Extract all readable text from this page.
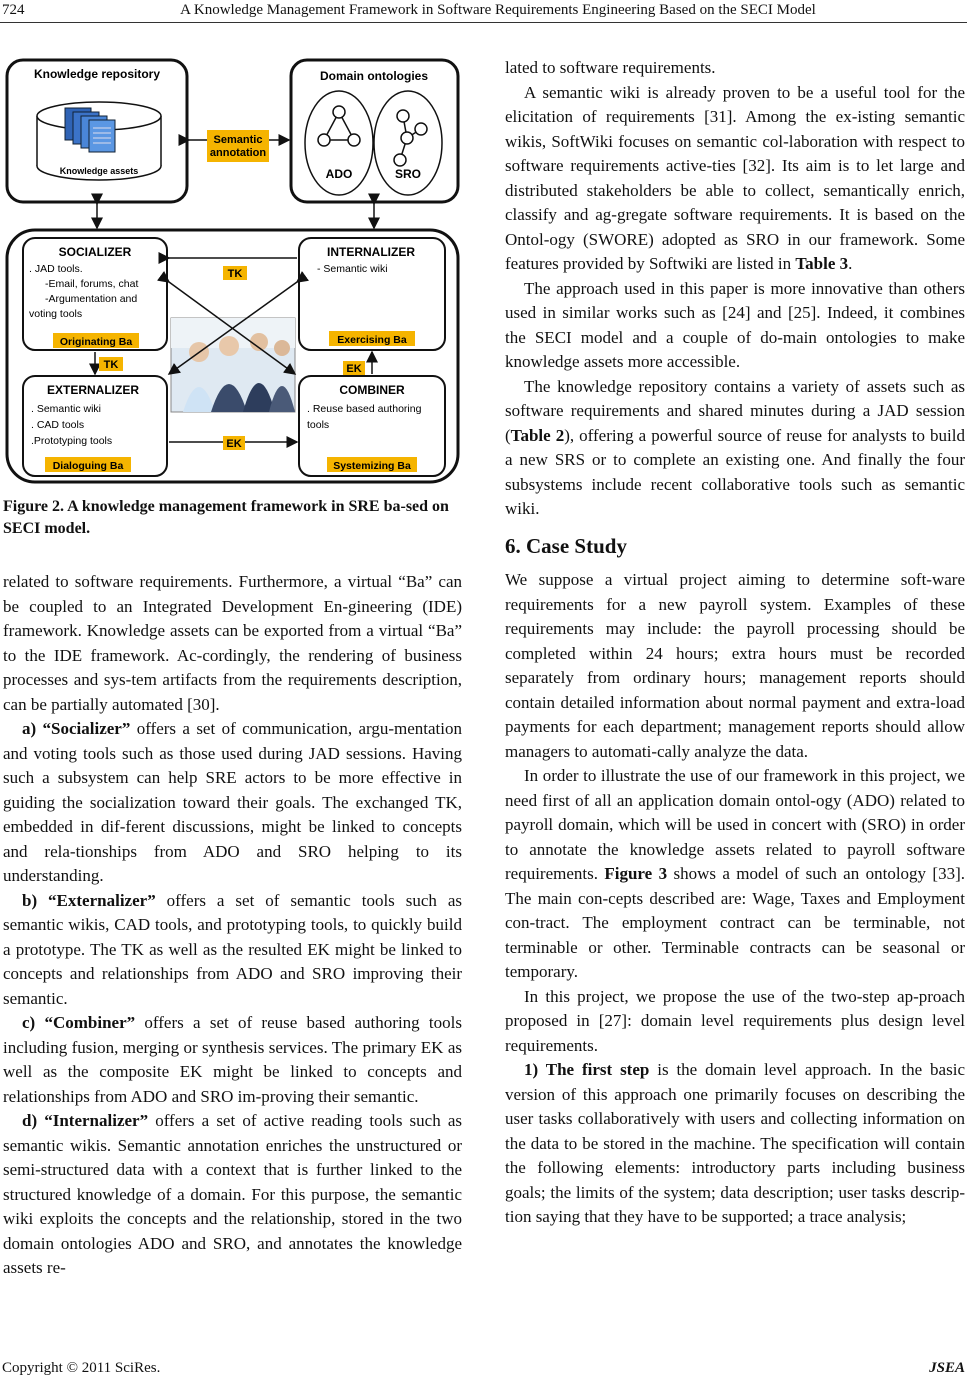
724	A Knowledge Management Framework in Software Requirements Engineering Based on the SECI Model
Knowledge repository
Knowledge assets
Domain ontologies
ADO	SRO
Semantic
annotation
SOCIALIZER
. JAD tools.
-Email, forums, chat
-Argumentation and
voting tools
Originating Ba
INTERNALIZER
- Semantic wiki
Exercising Ba
EXTERNALIZER
. Semantic wiki
. CAD tools
.Prototyping tools
Dialoguing Ba
COMBINER
. Reuse based authoring
tools
Systemizing Ba
TK
TK	EK
EK

Figure 2. A knowledge management framework in SRE ba-sed on SECI model.

related to software requirements. Furthermore, a virtual “Ba” can be coupled to an Integrated Development En-gineering (IDE) framework. Knowledge assets can be exported from a virtual “Ba” to the IDE framework. Ac-cordingly, the rendering of business processes and sys-tem artifacts from the requirements description, can be partially automated [30].

a) “Socializer” offers a set of communication, argu-mentation and voting tools such as those used during JAD sessions. Having such a subsystem can help SRE actors to be more effective in guiding the socialization toward their goals. The exchanged TK, embedded in dif-ferent discussions, might be linked to concepts and rela-tionships from ADO and SRO helping to its understanding.

b) “Externalizer” offers a set of semantic tools such as semantic wikis, CAD tools, and prototyping tools, to quickly build a prototype. The TK as well as the resulted EK might be linked to concepts and relationships from ADO and SRO improving their semantic.

c) “Combiner” offers a set of reuse based authoring tools including fusion, merging or synthesis services. The primary EK as well as the composite EK might be linked to concepts and relationships from ADO and SRO im-proving their semantic.

d) “Internalizer” offers a set of active reading tools such as semantic wikis. Semantic annotation enriches the unstructured or semi-structured data with a context that is further linked to the structured knowledge of a domain. For this purpose, the semantic wiki exploits the concepts and the relationship, stored in the two domain ontologies ADO and SRO, and annotates the knowledge assets re-

lated to software requirements.

A semantic wiki is already proven to be a useful tool for the elicitation of requirements [31]. Among the ex-isting semantic wikis, SoftWiki focuses on semantic col-laboration with respect to software requirements active-ties [32]. Its aim is to let large and distributed stakeholders be able to collect, semantically enrich, classify and ag-gregate software requirements. It is based on the Ontol-ogy (SWORE) adopted as SRO in our framework. Some features provided by Softwiki are listed in Table 3.

The approach used in this paper is more innovative than others used in similar works such as [24] and [25]. Indeed, it combines the SECI model and a couple of do-main ontologies to make knowledge assets more accessible.

The knowledge repository contains a variety of assets such as software requirements and shared minutes during a JAD session (Table 2), offering a powerful source of reuse for analysts to build a new SRS or to complete an existing one. And finally the four subsystems include recent collaborative tools such as semantic wiki.

6. Case Study

We suppose a virtual project aiming to determine soft-ware requirements for a new payroll system. Examples of these requirements may include: the payroll processing should be completed within 24 hours; extra hours must be recorded separately from ordinary hours; management reports should contain detailed information about normal payment and extra-load payments for each department; management reports should allow managers to automati-cally analyze the data.

In order to illustrate the use of our framework in this project, we need first of all an application domain ontol-ogy (ADO) related to payroll domain, which will be used in concert with (SRO) in order to annotate the knowledge assets related to payroll software requirements. Figure 3 shows a model of such an ontology [33]. The main con-cepts described are: Wage, Taxes and Employment con-tract. The employment contract can be terminable, not terminable or other. Terminable contracts can be seasonal or temporary.

In this project, we propose the use of the two-step ap-proach proposed in [27]: domain level requirements plus design level requirements.

1) The first step is the domain level approach. In the basic version of this approach one primarily focuses on describing the user tasks collaboratively with users and collecting information on the data to be stored in the machine. The specification will contain the following elements: introductory parts including business goals; the limits of the system; data description; user tasks descrip-tion saying that they have to be supported; a trace analysis;

Copyright © 2011 SciRes.	JSEA
